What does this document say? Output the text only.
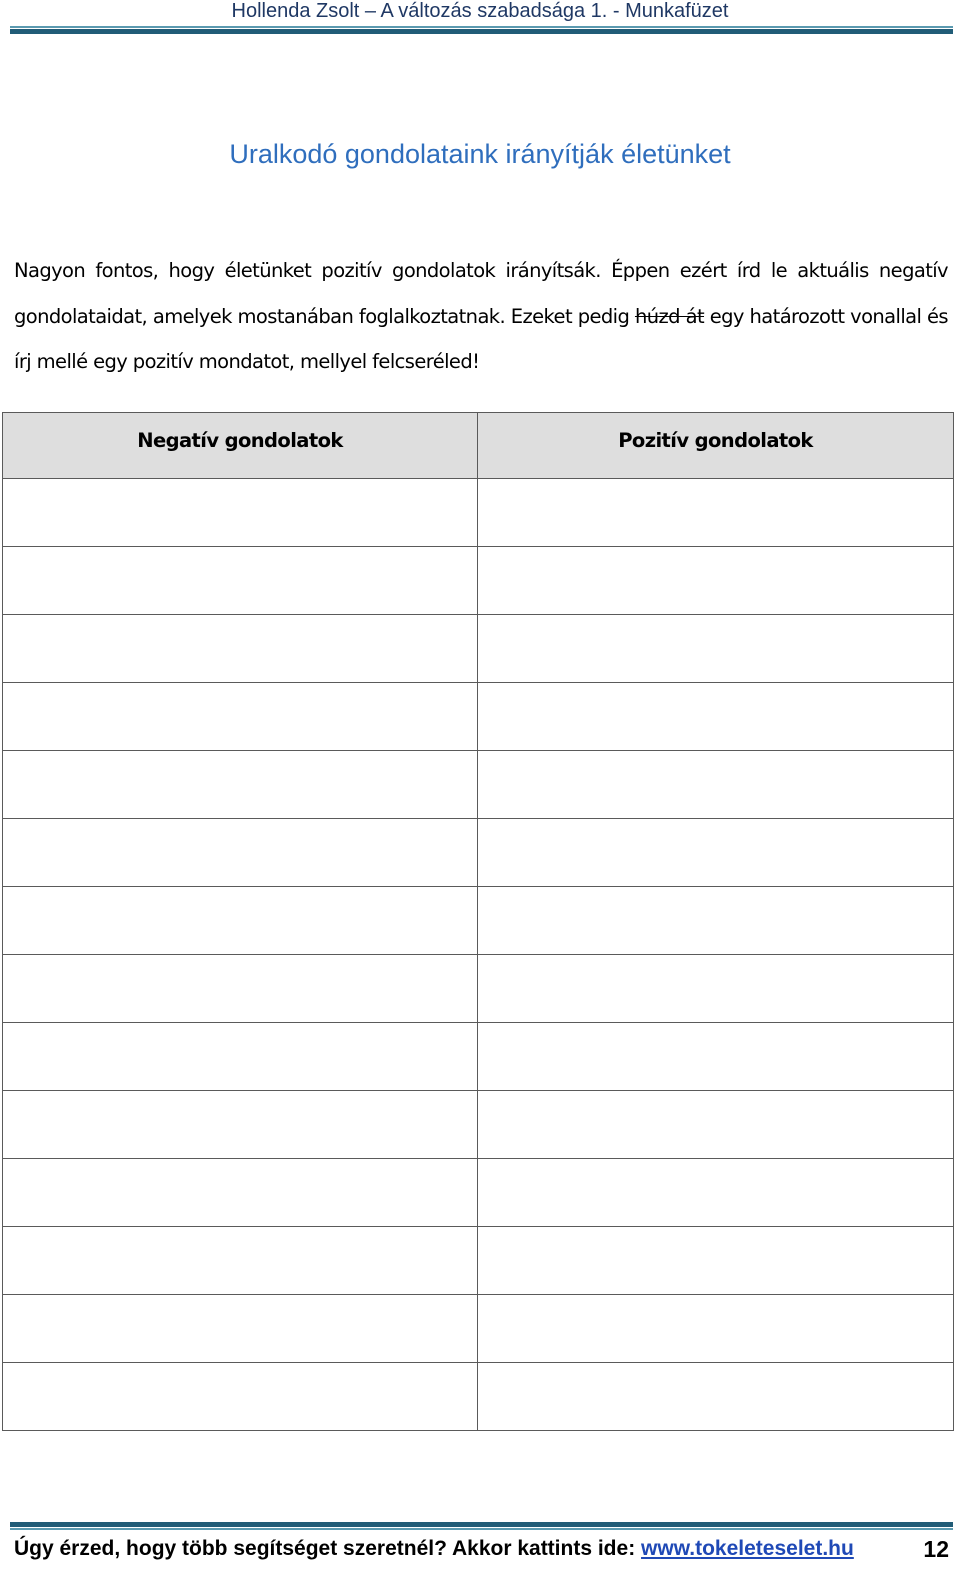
Hollenda Zsolt – A változás szabadsága 1. - Munkafüzet
Uralkodó gondolataink irányítják életünket
Nagyon fontos, hogy életünket pozitív gondolatok irányítsák. Éppen ezért írd le aktuális negatív gondolataidat, amelyek mostanában foglalkoztatnak. Ezeket pedig húzd át egy határozott vonallal és írj mellé egy pozitív mondatot, mellyel felcseréled!
Negatív gondolatok	Pozitív gondolatok

Úgy érzed, hogy több segítséget szeretnél? Akkor kattints ide: www.tokeleteselet.hu	12
